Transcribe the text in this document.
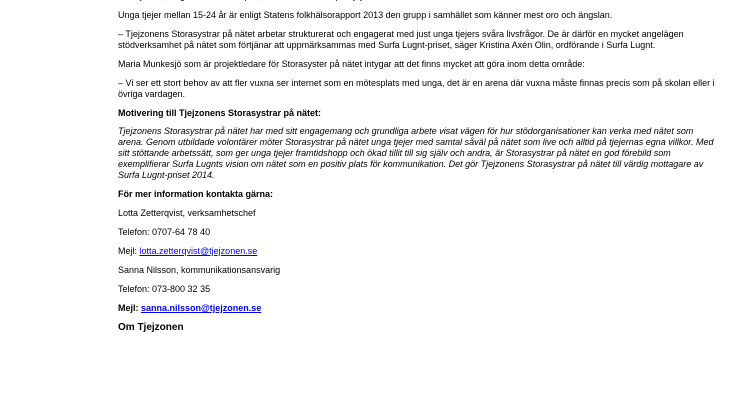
Unga tjejer mellan 15-24 år är enligt Statens folkhälsorapport 2013 den grupp i samhället som känner mest oro och ängslan.

– Tjejzonens Storasystrar på nätet arbetar strukturerat och engagerat med just unga tjejers svåra livsfrågor. De är därför en mycket angelägen stödverksamhet på nätet som förtjänar att uppmärksammas med Surfa Lugnt-priset, säger Kristina Axén Olin, ordförande i Surfa Lugnt.

Maria Munkesjö som är projektledare för Storasyster på nätet intygar att det finns mycket att göra inom detta område:

– Vi ser ett stort behov av att fler vuxna ser internet som en mötesplats med unga, det är en arena där vuxna måste finnas precis som på skolan eller i övriga vardagen.

Motivering till Tjejzonens Storasystrar på nätet:

Tjejzonens Storasystrar på nätet har med sitt engagemang och grundliga arbete visat vägen för hur stödorganisationer kan verka med nätet som arena. Genom utbildade volontärer möter Storasystrar på nätet unga tjejer med samtal såväl på nätet som live och alltid på tjejernas egna villkor. Med sitt stöttande arbetssätt, som ger unga tjejer framtidshopp och ökad tillit till sig själv och andra, är Storasystrar på nätet en god förebild som exemplifierar Surfa Lugnts vision om nätet som en positiv plats för kommunikation. Det gör Tjejzonens Storasystrar på nätet till värdig mottagare av Surfa Lugnt-priset 2014.

För mer information kontakta gärna:

Lotta Zetterqvist, verksamhetschef

Telefon: 0707-64 78 40

Mejl: lotta.zetterqvist@tjejzonen.se

Sanna Nilsson, kommunikationsansvarig

Telefon: 073-800 32 35

Mejl: sanna.nilsson@tjejzonen.se

Om Tjejzonen
